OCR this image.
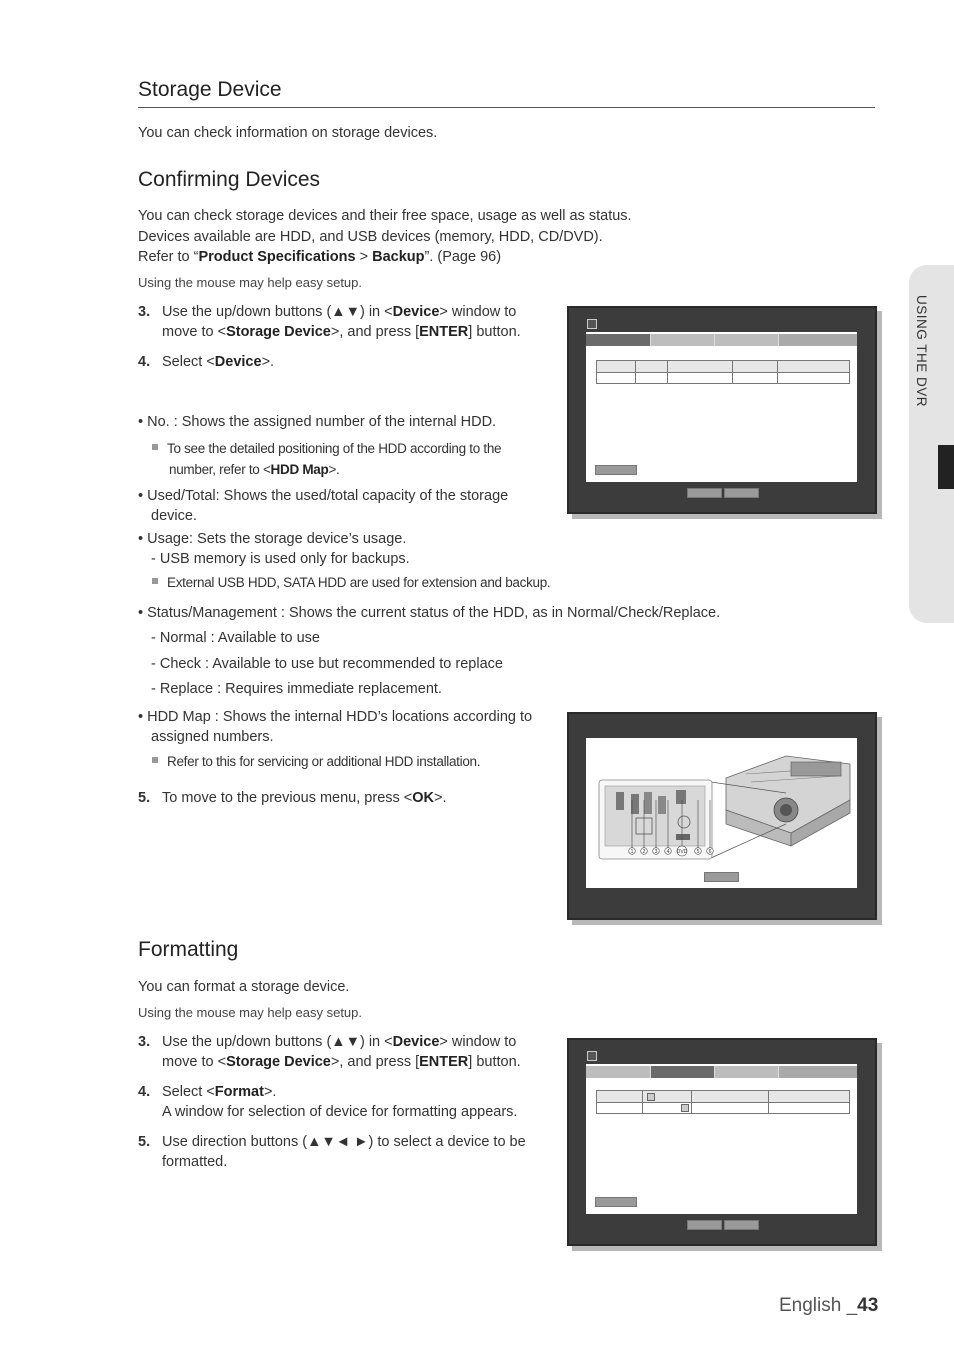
Storage Device
You can check information on storage devices.
USING THE DVR
Confirming Devices
You can check storage devices and their free space, usage as well as status.
Devices available are HDD, and USB devices (memory, HDD, CD/DVD).
Refer to “Product Specifications > Backup”. (Page 96)
Using the mouse may help easy setup.
3. Use the up/down buttons (▲▼) in <Device> window to
move to <Storage Device>, and press [ENTER] button.
4. Select <Device>.
• No. : Shows the assigned number of the internal HDD.
To see the detailed positioning of the HDD according to the
number, refer to <HDD Map>.
• Used/Total: Shows the used/total capacity of the storage
device.
• Usage: Sets the storage device’s usage.
- USB memory is used only for backups.
External USB HDD, SATA HDD are used for extension and backup.
• Status/Management : Shows the current status of the HDD, as in Normal/Check/Replace.
- Normal : Available to use
- Check : Available to use but recommended to replace
- Replace : Requires immediate replacement.
• HDD Map : Shows the internal HDD’s locations according to
assigned numbers.
Refer to this for servicing or additional HDD installation.
5. To move to the previous menu, press <OK>.
1 2 3 4 DVD 5 6
Formatting
You can format a storage device.
Using the mouse may help easy setup.
3. Use the up/down buttons (▲▼) in <Device> window to
move to <Storage Device>, and press [ENTER] button.
4. Select <Format>.
A window for selection of device for formatting appears.
5. Use direction buttons (▲▼◄ ►) to select a device to be
formatted.
English _43
